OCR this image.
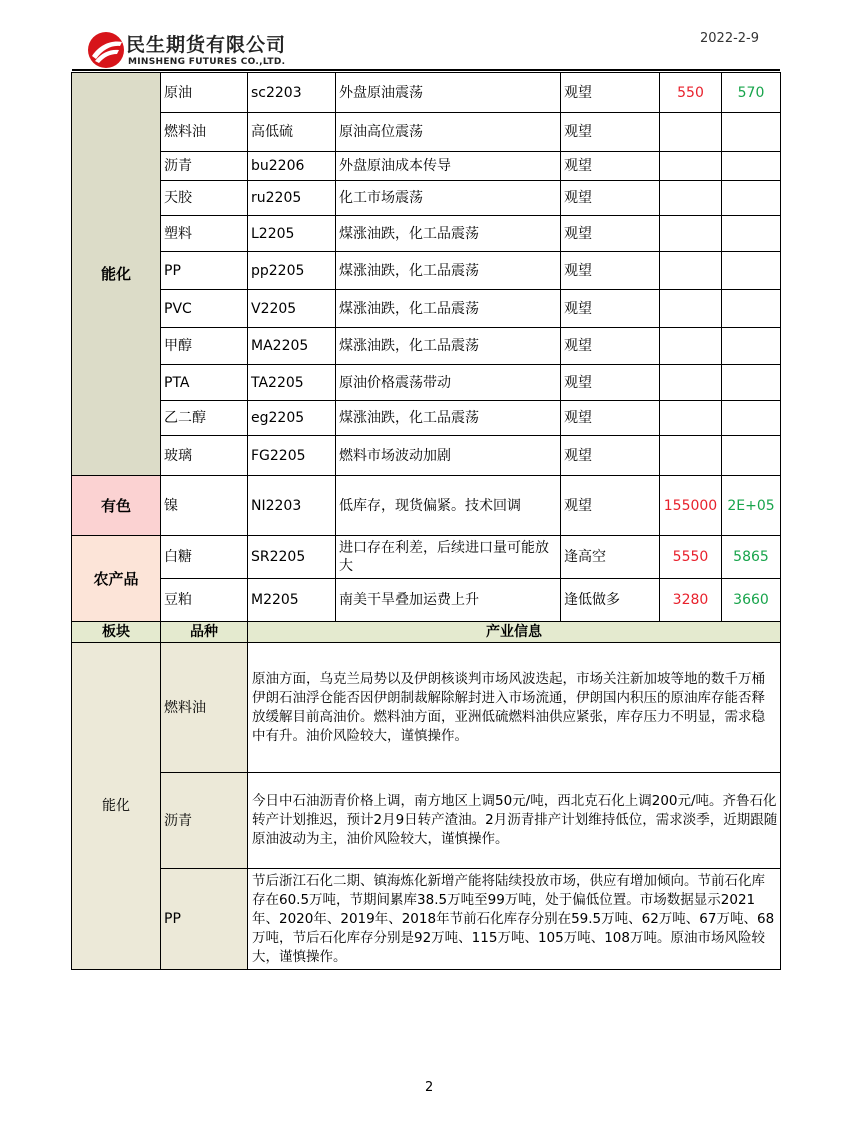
民生期货有限公司
MINSHENG FUTURES CO.,LTD.
2022-2-9
能化	原油	sc2203	外盘原油震荡	观望	550	570
	燃料油	高低硫	原油高位震荡	观望		
	沥青	bu2206	外盘原油成本传导	观望		
	天胶	ru2205	化工市场震荡	观望		
	塑料	L2205	煤涨油跌，化工品震荡	观望		
	PP	pp2205	煤涨油跌，化工品震荡	观望		
	PVC	V2205	煤涨油跌，化工品震荡	观望		
	甲醇	MA2205	煤涨油跌，化工品震荡	观望		
	PTA	TA2205	原油价格震荡带动	观望		
	乙二醇	eg2205	煤涨油跌，化工品震荡	观望		
	玻璃	FG2205	燃料市场波动加剧	观望		
有色	镍	NI2203	低库存，现货偏紧。技术回调	观望	155000	2E+05
农产品	白糖	SR2205	进口存在利差，后续进口量可能放大	逢高空	5550	5865
	豆粕	M2205	南美干旱叠加运费上升	逢低做多	3280	3660
板块	品种	产业信息
能化	燃料油	原油方面，乌克兰局势以及伊朗核谈判市场风波迭起，市场关注新加坡等地的数千万桶伊朗石油浮仓能否因伊朗制裁解除解封进入市场流通，伊朗国内积压的原油库存能否释放缓解目前高油价。燃料油方面，亚洲低硫燃料油供应紧张，库存压力不明显，需求稳中有升。油价风险较大，谨慎操作。
	沥青	今日中石油沥青价格上调，南方地区上调50元/吨，西北克石化上调200元/吨。齐鲁石化转产计划推迟，预计2月9日转产渣油。2月沥青排产计划维持低位，需求淡季，近期跟随原油波动为主，油价风险较大，谨慎操作。
	PP	节后浙江石化二期、镇海炼化新增产能将陆续投放市场，供应有增加倾向。节前石化库存在60.5万吨，节期间累库38.5万吨至99万吨，处于偏低位置。市场数据显示2021年、2020年、2019年、2018年节前石化库存分别在59.5万吨、62万吨、67万吨、68万吨，节后石化库存分别是92万吨、115万吨、105万吨、108万吨。原油市场风险较大，谨慎操作。
2
